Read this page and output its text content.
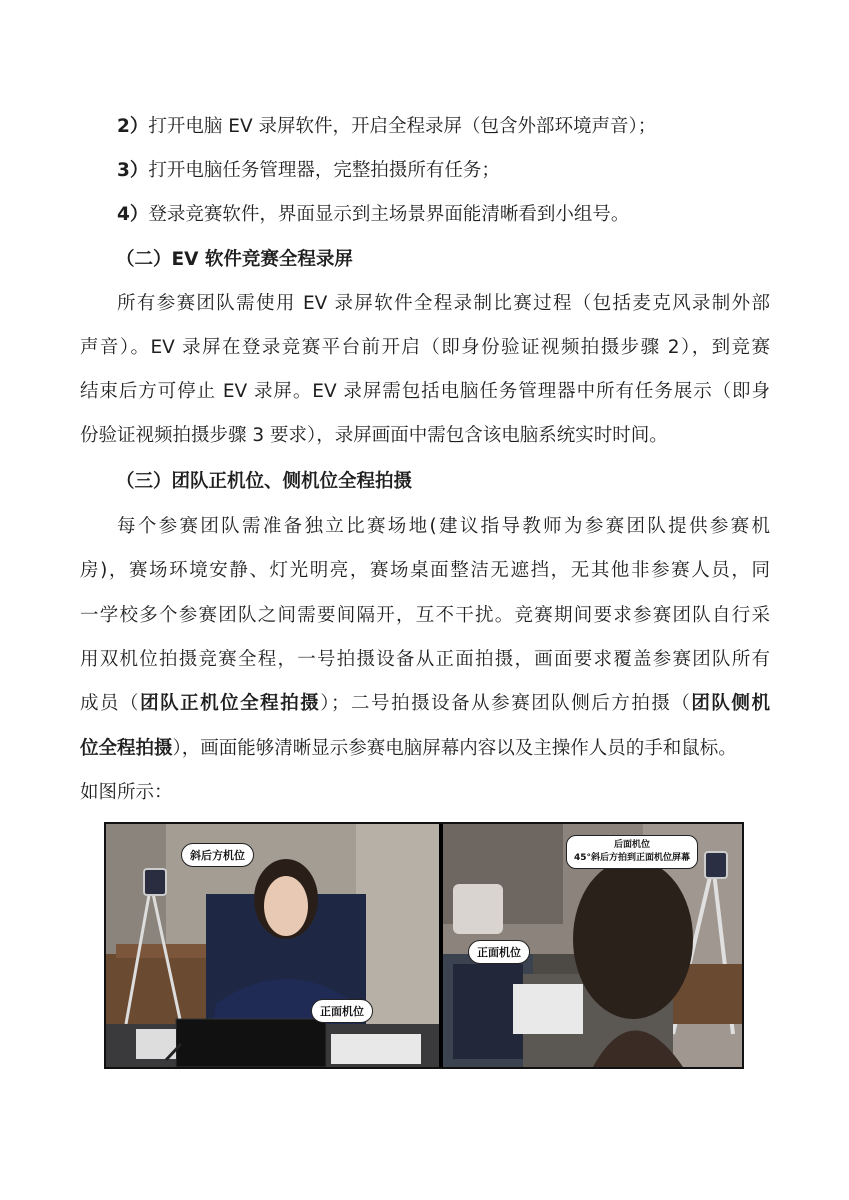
2）打开电脑 EV 录屏软件，开启全程录屏（包含外部环境声音）；
3）打开电脑任务管理器，完整拍摄所有任务；
4）登录竞赛软件，界面显示到主场景界面能清晰看到小组号。
（二）EV 软件竞赛全程录屏
所有参赛团队需使用 EV 录屏软件全程录制比赛过程（包括麦克风录制外部
声音）。EV 录屏在登录竞赛平台前开启（即身份验证视频拍摄步骤 2），到竞赛
结束后方可停止 EV 录屏。EV 录屏需包括电脑任务管理器中所有任务展示（即身
份验证视频拍摄步骤 3 要求），录屏画面中需包含该电脑系统实时时间。
（三）团队正机位、侧机位全程拍摄
每个参赛团队需准备独立比赛场地(建议指导教师为参赛团队提供参赛机
房)，赛场环境安静、灯光明亮，赛场桌面整洁无遮挡，无其他非参赛人员，同
一学校多个参赛团队之间需要间隔开，互不干扰。竞赛期间要求参赛团队自行采
用双机位拍摄竞赛全程，一号拍摄设备从正面拍摄，画面要求覆盖参赛团队所有
成员（团队正机位全程拍摄）；二号拍摄设备从参赛团队侧后方拍摄（团队侧机
位全程拍摄），画面能够清晰显示参赛电脑屏幕内容以及主操作人员的手和鼠标。
如图所示：
斜后方机位
正面机位
后面机位
45°斜后方拍到正面机位屏幕
正面机位
